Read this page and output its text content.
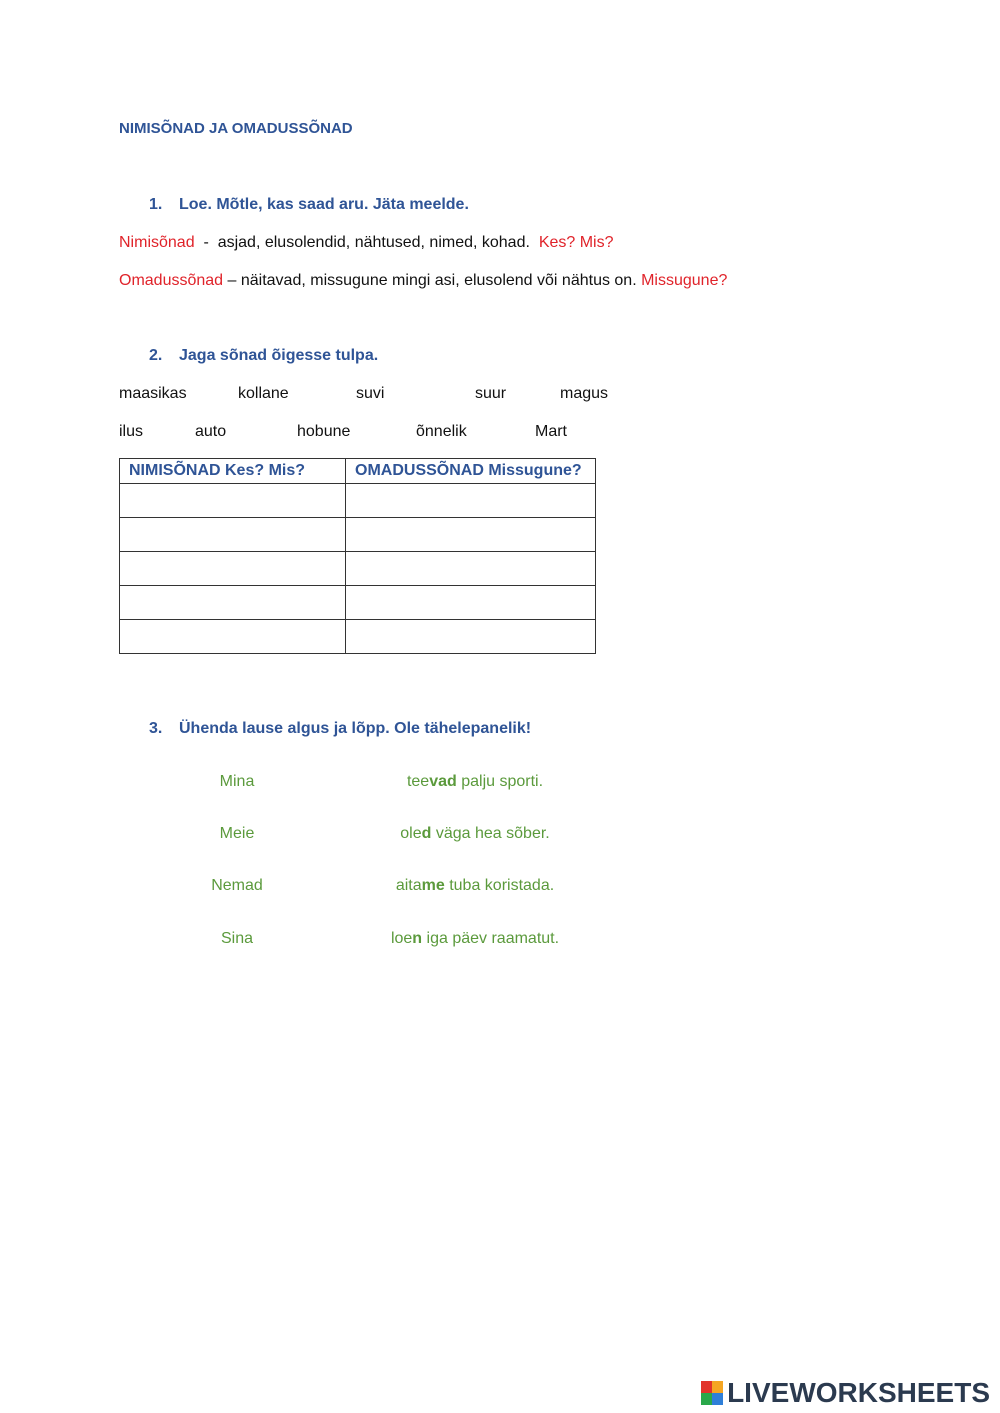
NIMISÕNAD JA OMADUSSÕNAD
1. Loe. Mõtle, kas saad aru. Jäta meelde.
Nimisõnad  -  asjad, elusolendid, nähtused, nimed, kohad.  Kes? Mis?
Omadussõnad – näitavad, missugune mingi asi, elusolend või nähtus on. Missugune?
2. Jaga sõnad õigesse tulpa.
maasikas	kollane	suvi	suur	magus
ilus	auto	hobune	õnnelik	Mart
NIMISÕNAD Kes? Mis?	OMADUSSÕNAD Missugune?

3. Ühenda lause algus ja lõpp. Ole tähelepanelik!
Mina
Meie
Nemad
Sina
teevad palju sporti.
oled väga hea sõber.
aitame tuba koristada.
loen iga päev raamatut.
LIVEWORKSHEETS
